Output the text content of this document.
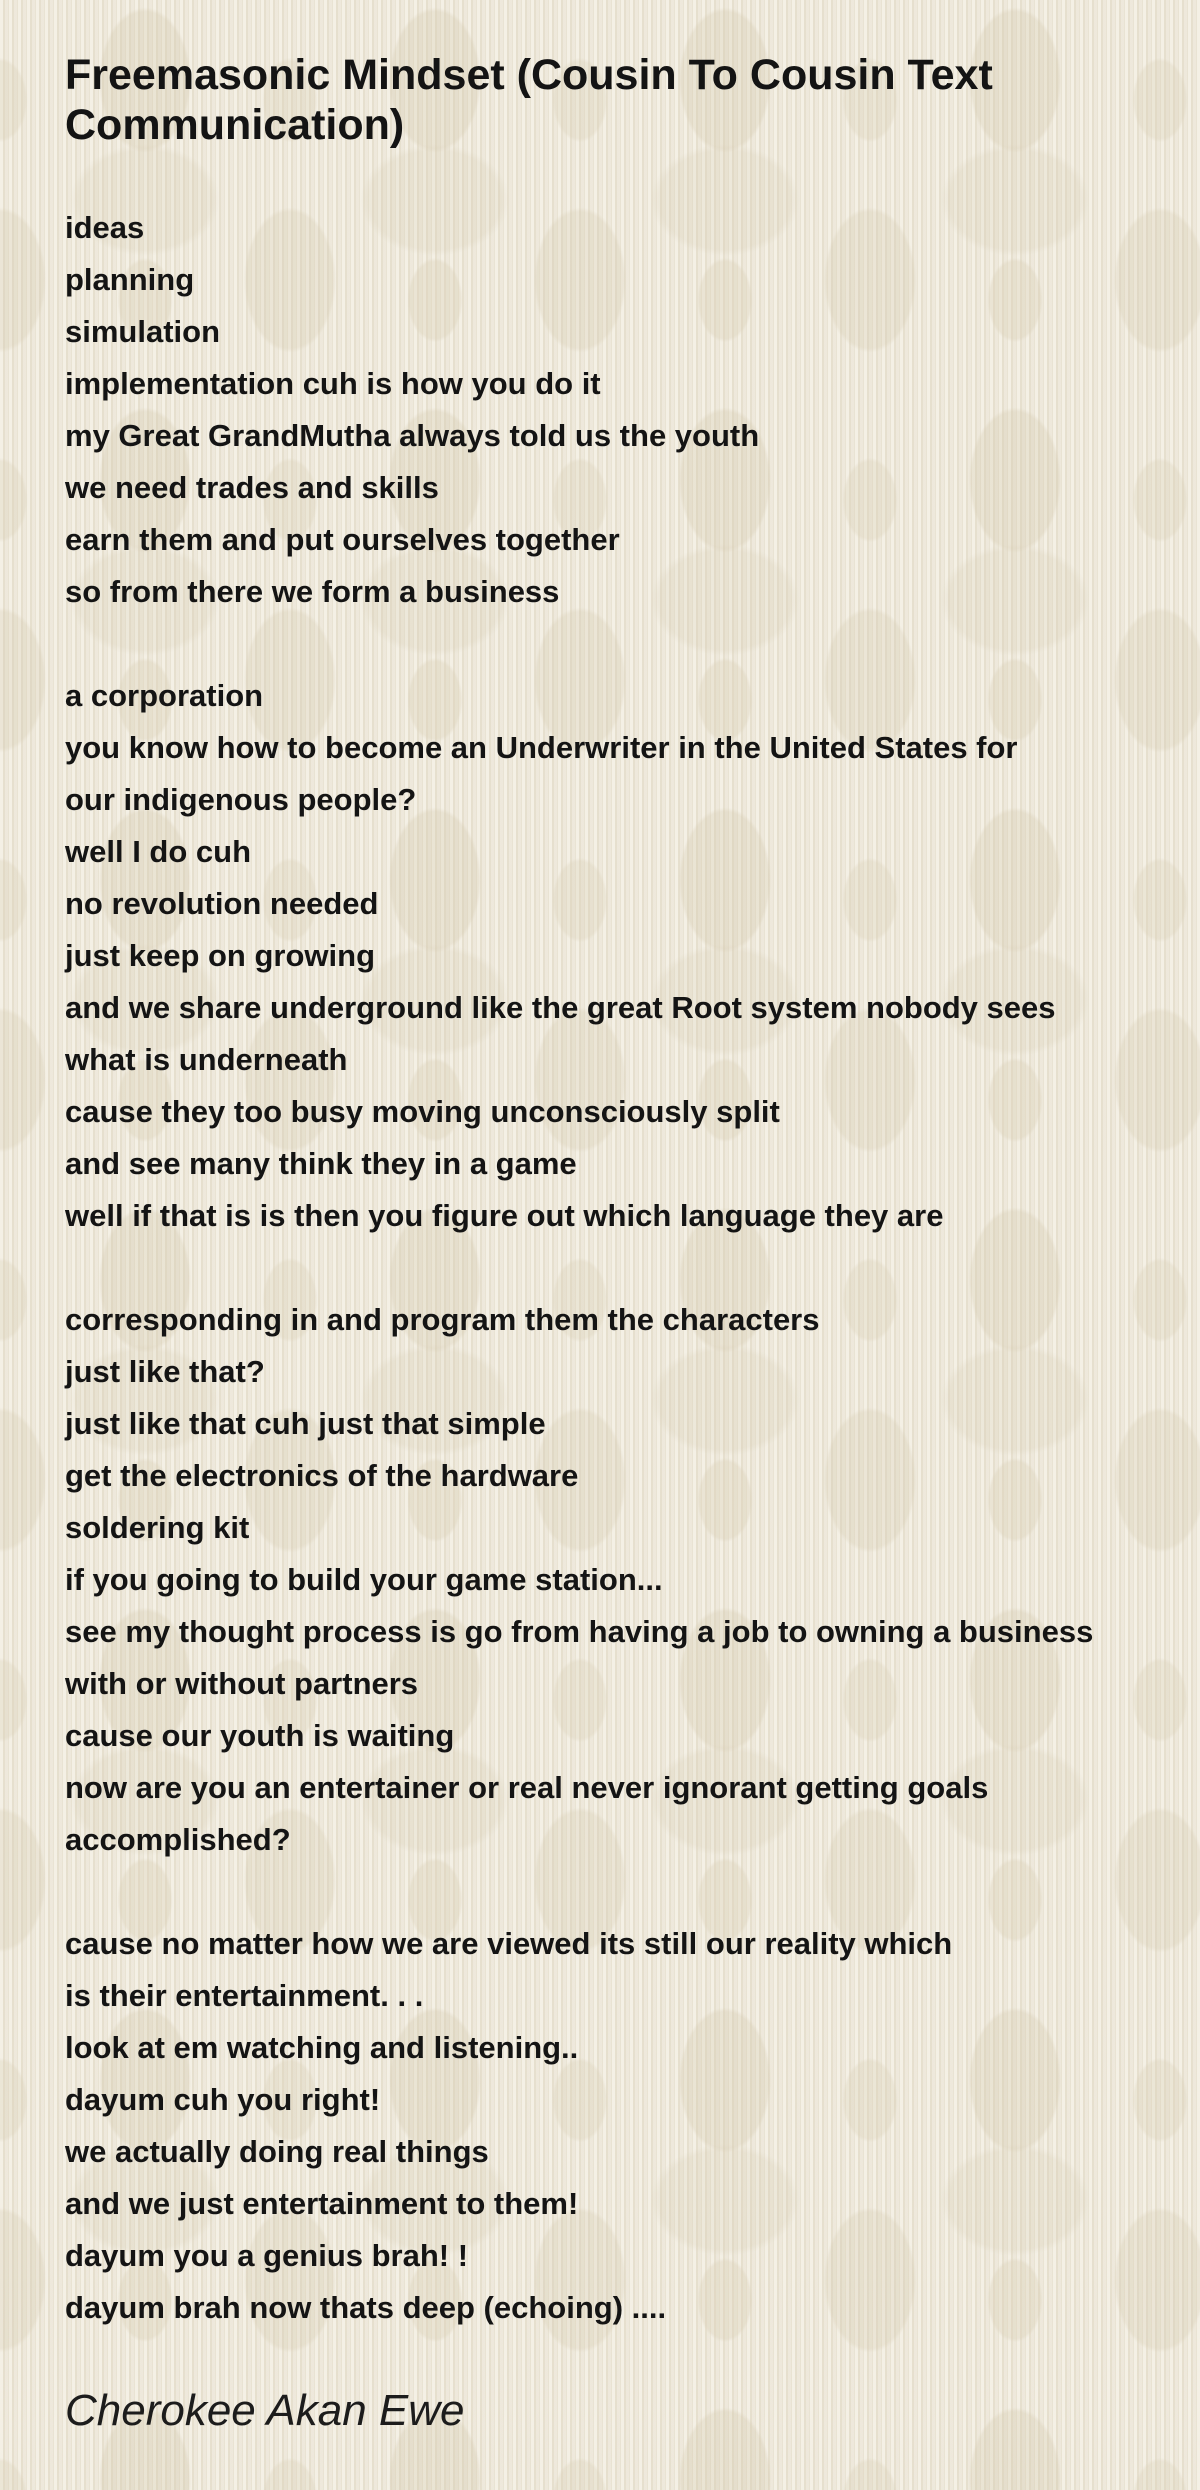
Freemasonic Mindset (Cousin To Cousin Text Communication)

ideas

planning

simulation

implementation cuh is how you do it

my Great GrandMutha always told us the youth

we need trades and skills

earn them and put ourselves together

so from there we form a business

a corporation

you know how to become an Underwriter in the United States for

our indigenous people?

well I do cuh

no revolution needed

just keep on growing

and we share underground like the great Root system nobody sees

what is underneath

cause they too busy moving unconsciously split

and see many think they in a game

well if that is is then you figure out which language they are

corresponding in and program them the characters

just like that?

just like that cuh just that simple

get the electronics of the hardware

soldering kit

if you going to build your game station...

see my thought process is go from having a job to owning a business

with or without partners

cause our youth is waiting

now are you an entertainer or real never ignorant getting goals

accomplished?

cause no matter how we are viewed its still our reality which

is their entertainment. . .

look at em watching and listening..

dayum cuh you right!

we actually doing real things

and we just entertainment to them!

dayum you a genius brah! !

dayum brah now thats deep (echoing) ....

Cherokee Akan Ewe
